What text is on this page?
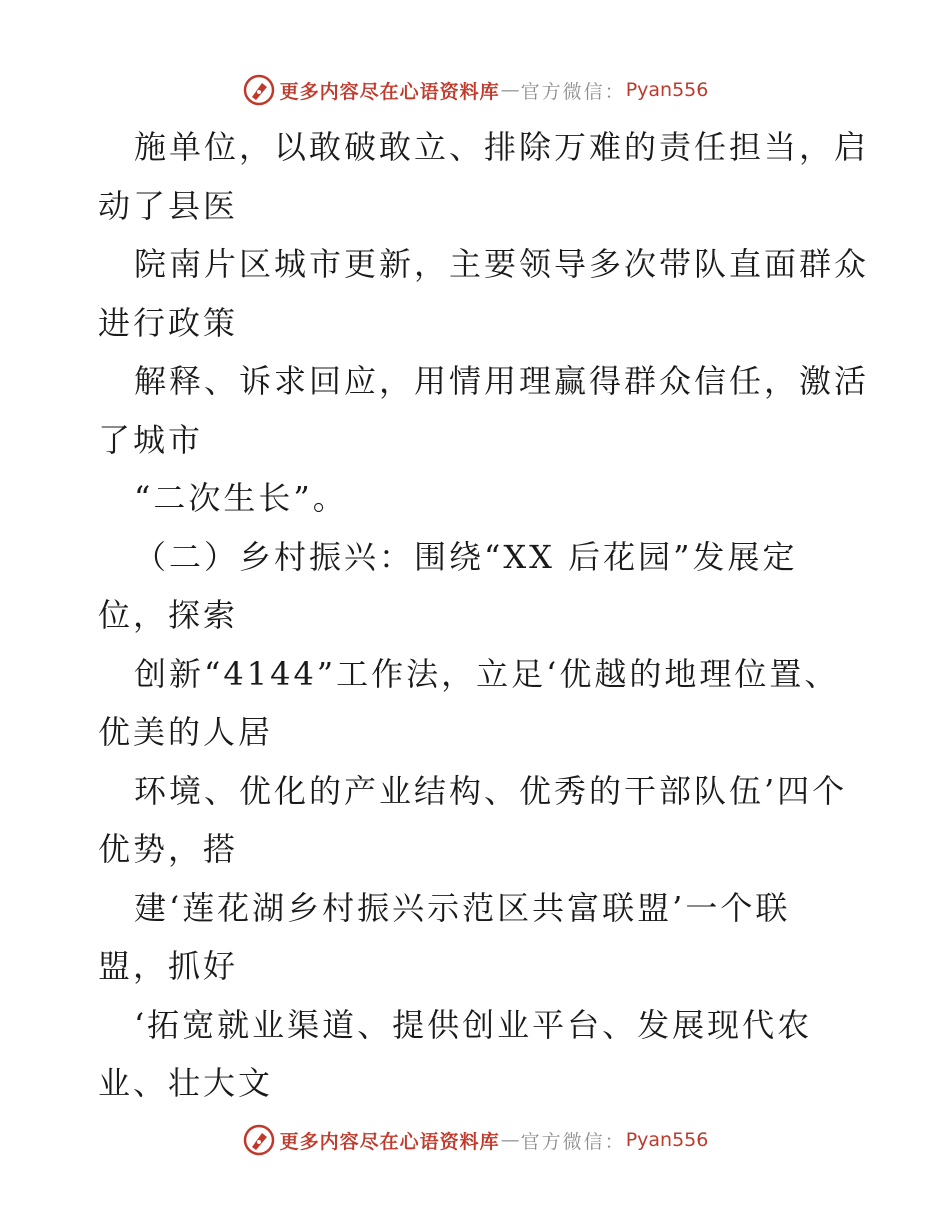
更多内容尽在心语资料库 — 官方微信： Pyan556

施单位，以敢破敢立、排除万难的责任担当，启

动了县医

院南片区城市更新，主要领导多次带队直面群众

进行政策

解释、诉求回应，用情用理赢得群众信任，激活

了城市

“二次生长”。

（二）乡村振兴：围绕“XX 后花园”发展定

位，探索

创新“4144”工作法，立足‘优越的地理位置、

优美的人居

环境、优化的产业结构、优秀的干部队伍’四个

优势，搭

建‘莲花湖乡村振兴示范区共富联盟’一个联

盟，抓好

‘拓宽就业渠道、提供创业平台、发展现代农

业、壮大文

更多内容尽在心语资料库 — 官方微信： Pyan556
